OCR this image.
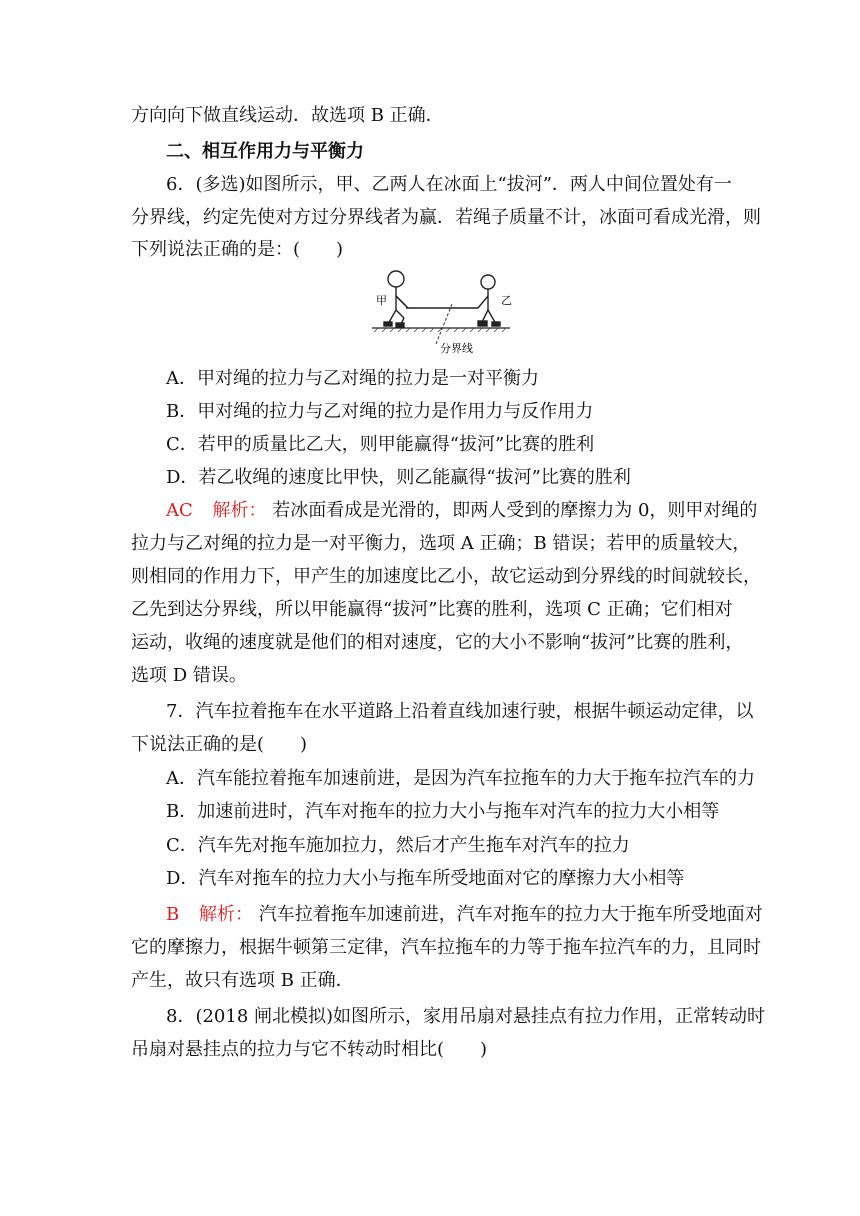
方向向下做直线运动．故选项 B 正确．
二、相互作用力与平衡力
6．(多选)如图所示，甲、乙两人在冰面上“拔河”．两人中间位置处有一
分界线，约定先使对方过分界线者为赢．若绳子质量不计，冰面可看成光滑，则
下列说法正确的是：(　　)
甲	乙
分界线
A．甲对绳的拉力与乙对绳的拉力是一对平衡力
B．甲对绳的拉力与乙对绳的拉力是作用力与反作用力
C．若甲的质量比乙大，则甲能赢得“拔河”比赛的胜利
D．若乙收绳的速度比甲快，则乙能赢得“拔河”比赛的胜利
AC 解析： 若冰面看成是光滑的，即两人受到的摩擦力为 0，则甲对绳的
拉力与乙对绳的拉力是一对平衡力，选项 A 正确；B 错误；若甲的质量较大，
则相同的作用力下，甲产生的加速度比乙小，故它运动到分界线的时间就较长，
乙先到达分界线，所以甲能赢得“拔河”比赛的胜利，选项 C 正确；它们相对
运动，收绳的速度就是他们的相对速度，它的大小不影响“拔河”比赛的胜利，
选项 D 错误。
7．汽车拉着拖车在水平道路上沿着直线加速行驶，根据牛顿运动定律，以
下说法正确的是(　　)
A．汽车能拉着拖车加速前进，是因为汽车拉拖车的力大于拖车拉汽车的力
B．加速前进时，汽车对拖车的拉力大小与拖车对汽车的拉力大小相等
C．汽车先对拖车施加拉力，然后才产生拖车对汽车的拉力
D．汽车对拖车的拉力大小与拖车所受地面对它的摩擦力大小相等
B 解析： 汽车拉着拖车加速前进，汽车对拖车的拉力大于拖车所受地面对
它的摩擦力，根据牛顿第三定律，汽车拉拖车的力等于拖车拉汽车的力，且同时
产生，故只有选项 B 正确．
8．(2018 闸北模拟)如图所示，家用吊扇对悬挂点有拉力作用，正常转动时
吊扇对悬挂点的拉力与它不转动时相比(　　)
